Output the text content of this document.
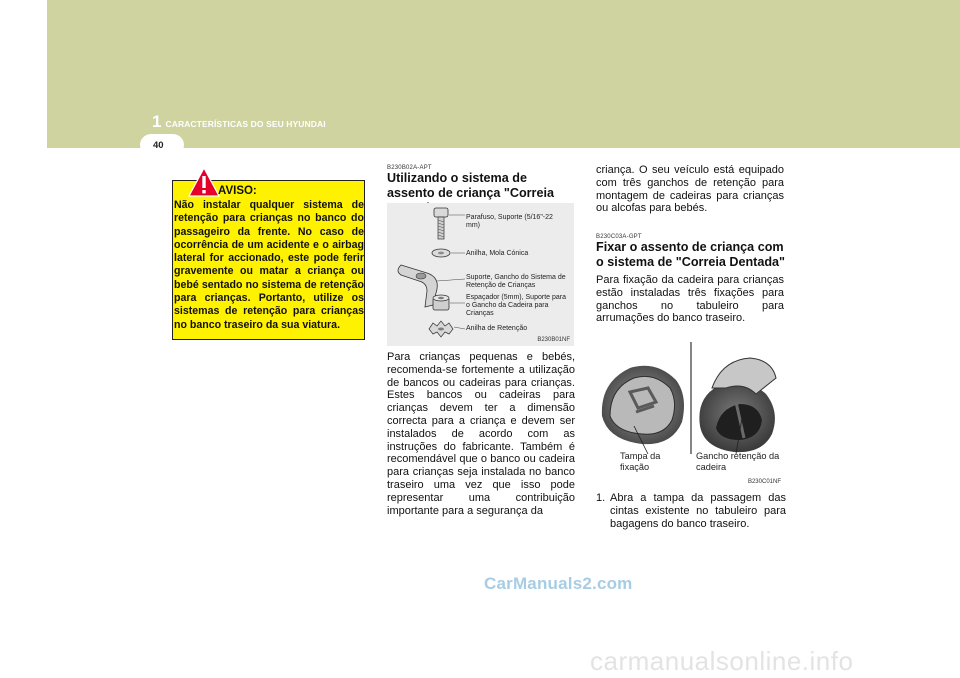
1 CARACTERÍSTICAS DO SEU HYUNDAI
40
AVISO:
Não instalar qualquer sistema de retenção para crianças no banco do passageiro da frente. No caso de ocorrência de um acidente e o airbag lateral for accionado, este pode ferir gravemente ou matar a criança ou bebé sentado no sistema de retenção para crianças. Portanto, utilize os sistemas de retenção para crianças no banco traseiro da sua viatura.
B230B02A-APT
Utilizando o sistema de assento de criança "Correia
Parafuso, Suporte (5/16"-22 mm)
Anilha, Mola Cónica
Suporte, Gancho do Sistema de Retenção de Crianças
Espaçador (5mm), Suporte para o Gancho da Cadeira para Crianças
Anilha de Retenção
B230B01NF
Para crianças pequenas e bebés, recomenda-se fortemente a utilização de bancos ou cadeiras para crianças. Estes bancos ou cadeiras para crianças devem ter a dimensão correcta para a criança e devem ser instalados de acordo com as instruções do fabricante. Também é recomendável que o banco ou cadeira para crianças seja instalada no banco traseiro uma vez que isso pode representar uma contribuição importante para a segurança da
criança. O seu veículo está equipado com três ganchos de retenção para montagem de cadeiras para crianças ou alcofas para bebés.
B230C03A-GPT
Fixar o assento de criança com o sistema de "Correia Dentada"
Para fixação da cadeira para crianças estão instaladas três fixações para ganchos no tabuleiro para arrumações do banco traseiro.
Tampa da fixação
Gancho retenção da cadeira
B230C01NF
1. Abra a tampa da passagem das cintas existente no tabuleiro para bagagens do banco traseiro.
CarManuals2.com
carmanualsonline.info
